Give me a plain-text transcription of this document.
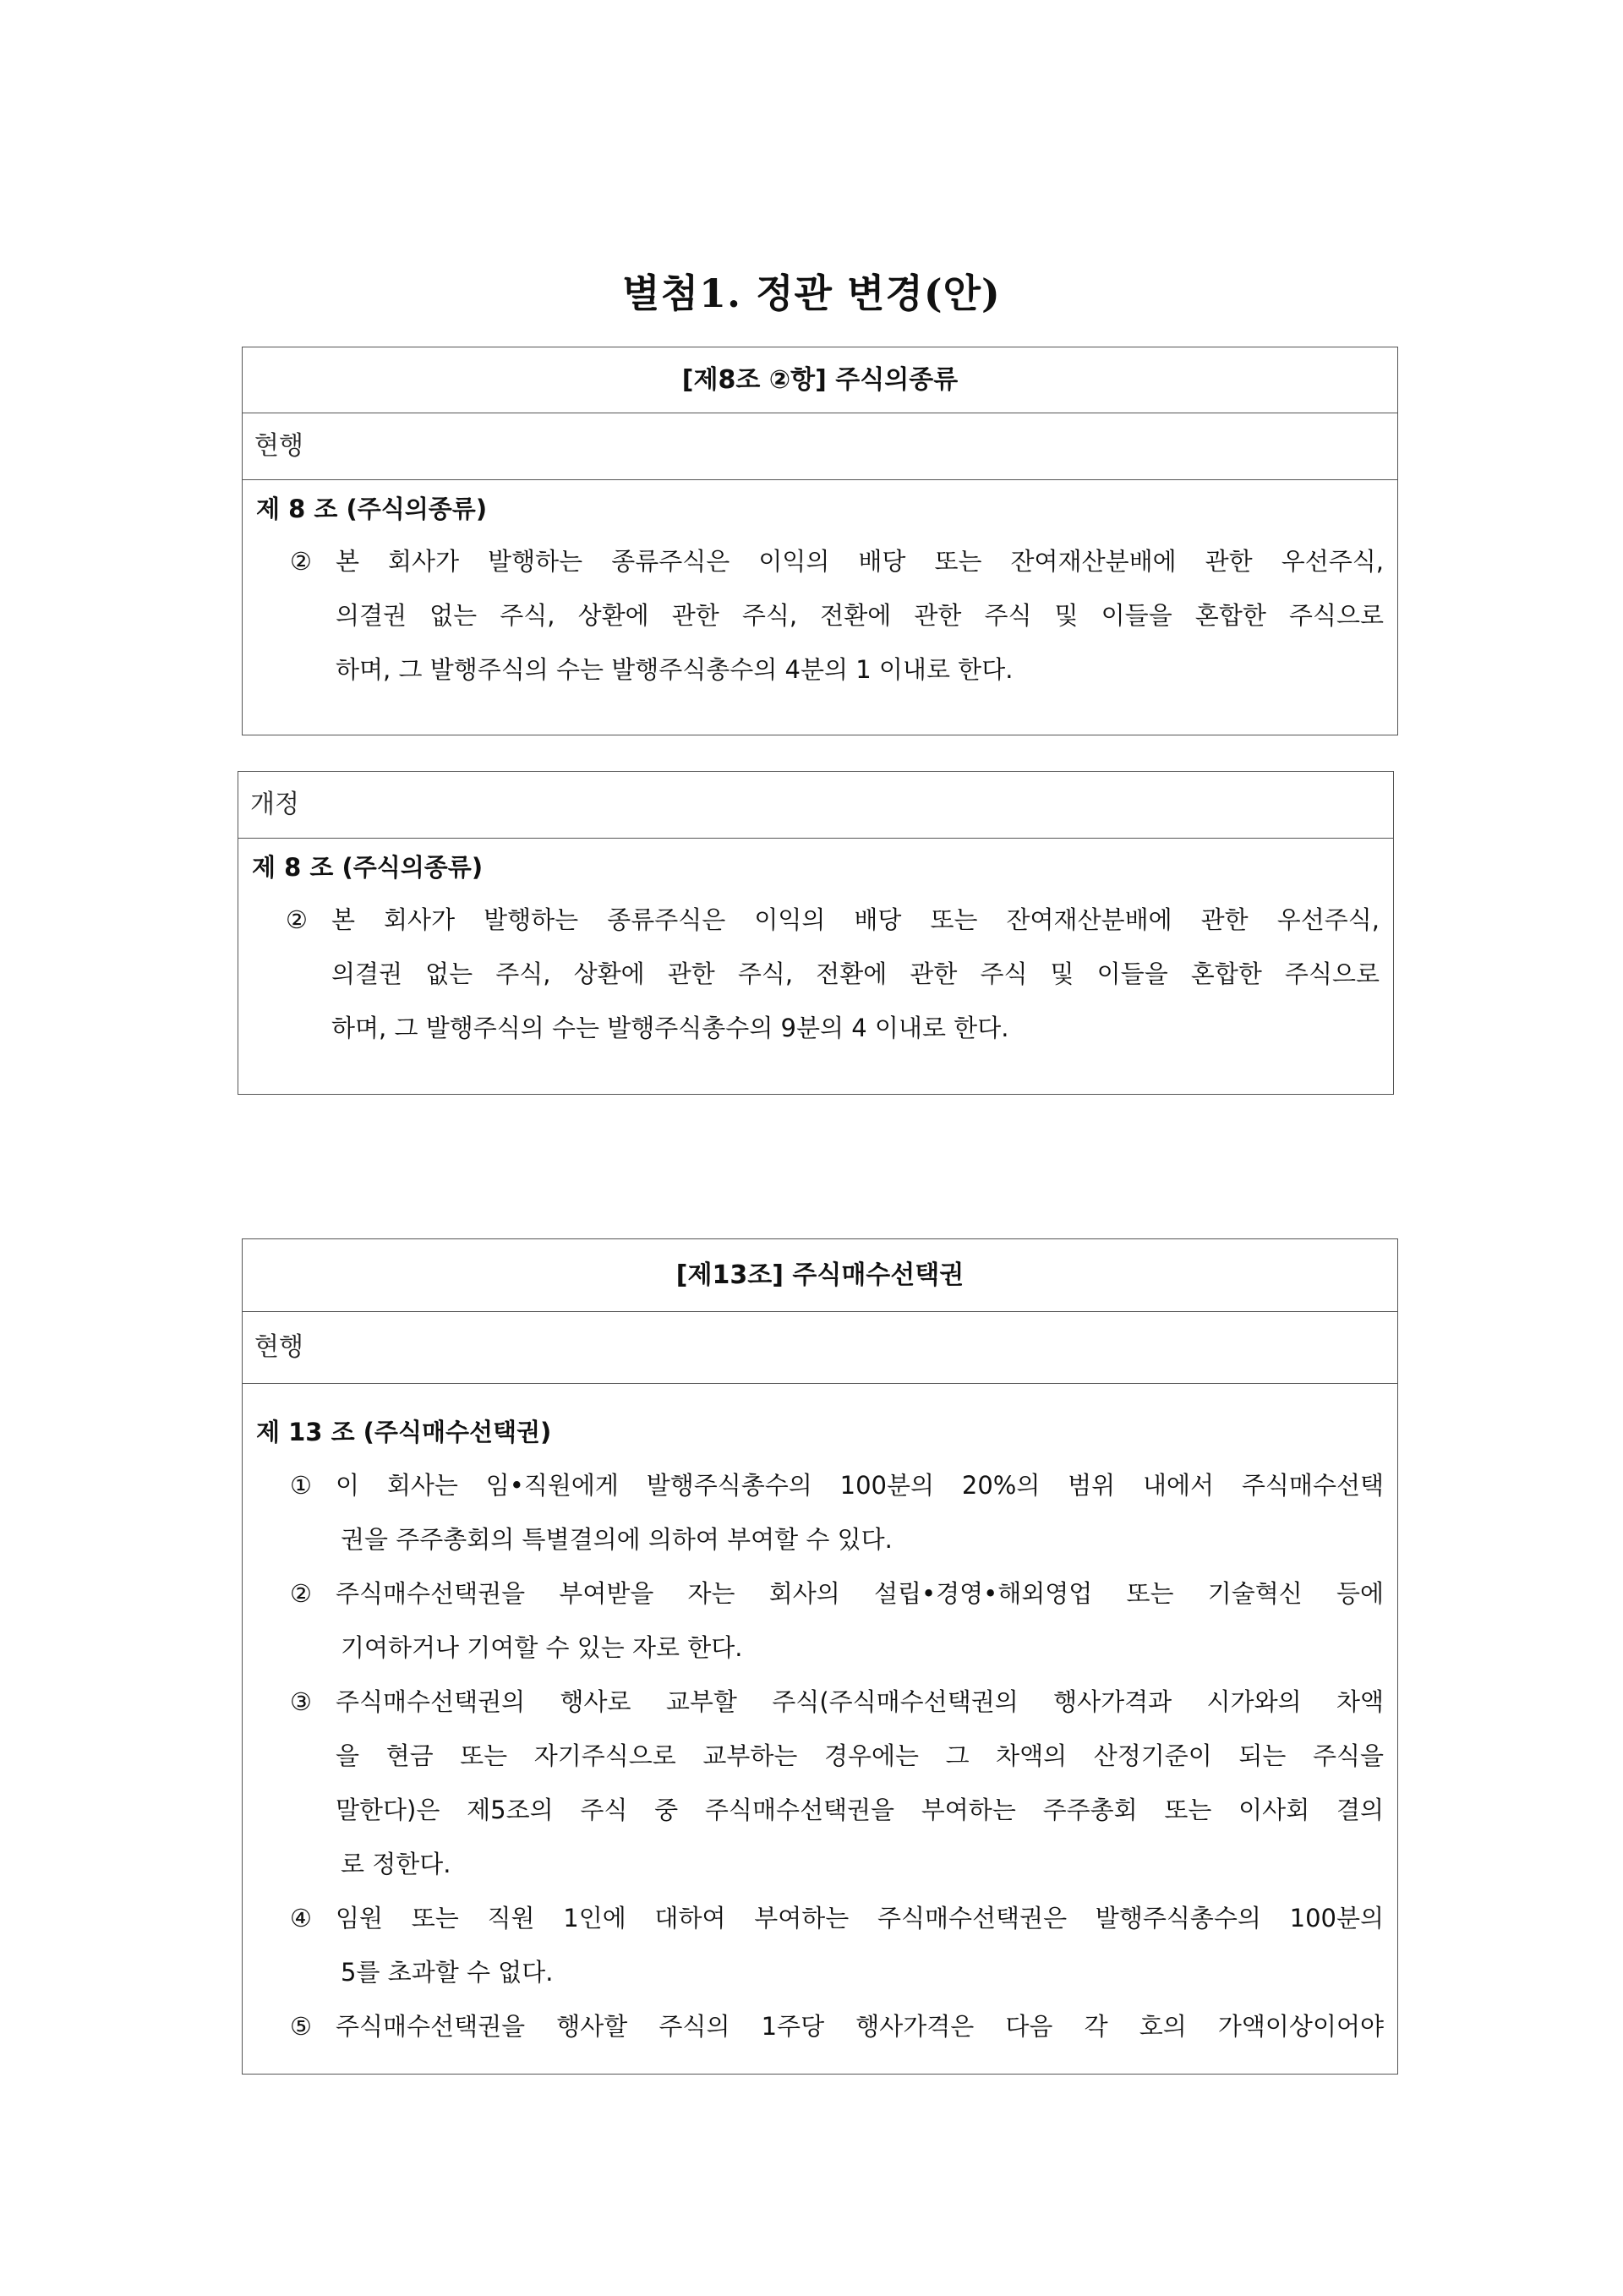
별첨1. 정관 변경(안)
[제8조 ②항] 주식의종류
현행
제 8 조 (주식의종류)
② 본 회사가 발행하는 종류주식은 이익의 배당 또는 잔여재산분배에 관한 우선주식,
의결권 없는 주식, 상환에 관한 주식, 전환에 관한 주식 및 이들을 혼합한 주식으로
하며, 그 발행주식의 수는 발행주식총수의 4분의 1 이내로 한다.
개정
제 8 조 (주식의종류)
② 본 회사가 발행하는 종류주식은 이익의 배당 또는 잔여재산분배에 관한 우선주식,
의결권 없는 주식, 상환에 관한 주식, 전환에 관한 주식 및 이들을 혼합한 주식으로
하며, 그 발행주식의 수는 발행주식총수의 9분의 4 이내로 한다.
[제13조] 주식매수선택권
현행
제 13 조 (주식매수선택권)
① 이 회사는 임•직원에게 발행주식총수의 100분의 20%의 범위 내에서 주식매수선택
권을 주주총회의 특별결의에 의하여 부여할 수 있다.
② 주식매수선택권을 부여받을 자는 회사의 설립•경영•해외영업 또는 기술혁신 등에
기여하거나 기여할 수 있는 자로 한다.
③ 주식매수선택권의 행사로 교부할 주식(주식매수선택권의 행사가격과 시가와의 차액
을 현금 또는 자기주식으로 교부하는 경우에는 그 차액의 산정기준이 되는 주식을
말한다)은 제5조의 주식 중 주식매수선택권을 부여하는 주주총회 또는 이사회 결의
로 정한다.
④ 임원 또는 직원 1인에 대하여 부여하는 주식매수선택권은 발행주식총수의 100분의
5를 초과할 수 없다.
⑤ 주식매수선택권을 행사할 주식의 1주당 행사가격은 다음 각 호의 가액이상이어야
